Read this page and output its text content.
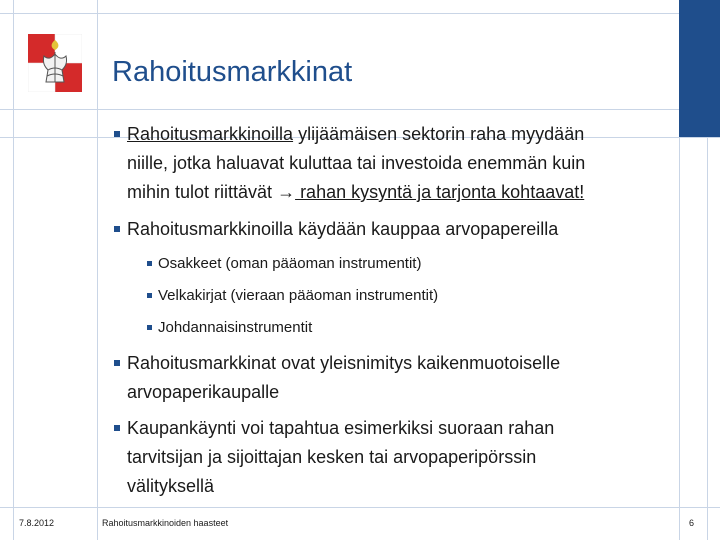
Rahoitusmarkkinat
Rahoitusmarkkinoilla ylijäämäisen sektorin raha myydään
niille, jotka haluavat kuluttaa tai investoida enemmän kuin
mihin tulot riittävät → rahan kysyntä ja tarjonta kohtaavat!
Rahoitusmarkkinoilla käydään kauppaa arvopapereilla
Osakkeet (oman pääoman instrumentit)
Velkakirjat (vieraan pääoman instrumentit)
Johdannaisinstrumentit
Rahoitusmarkkinat ovat yleisnimitys kaikenmuotoiselle
arvopaperikaupalle
Kaupankäynti voi tapahtua esimerkiksi suoraan rahan
tarvitsijan ja sijoittajan kesken tai arvopaperipörssin
välityksellä
7.8.2012	Rahoitusmarkkinoiden haasteet	6
